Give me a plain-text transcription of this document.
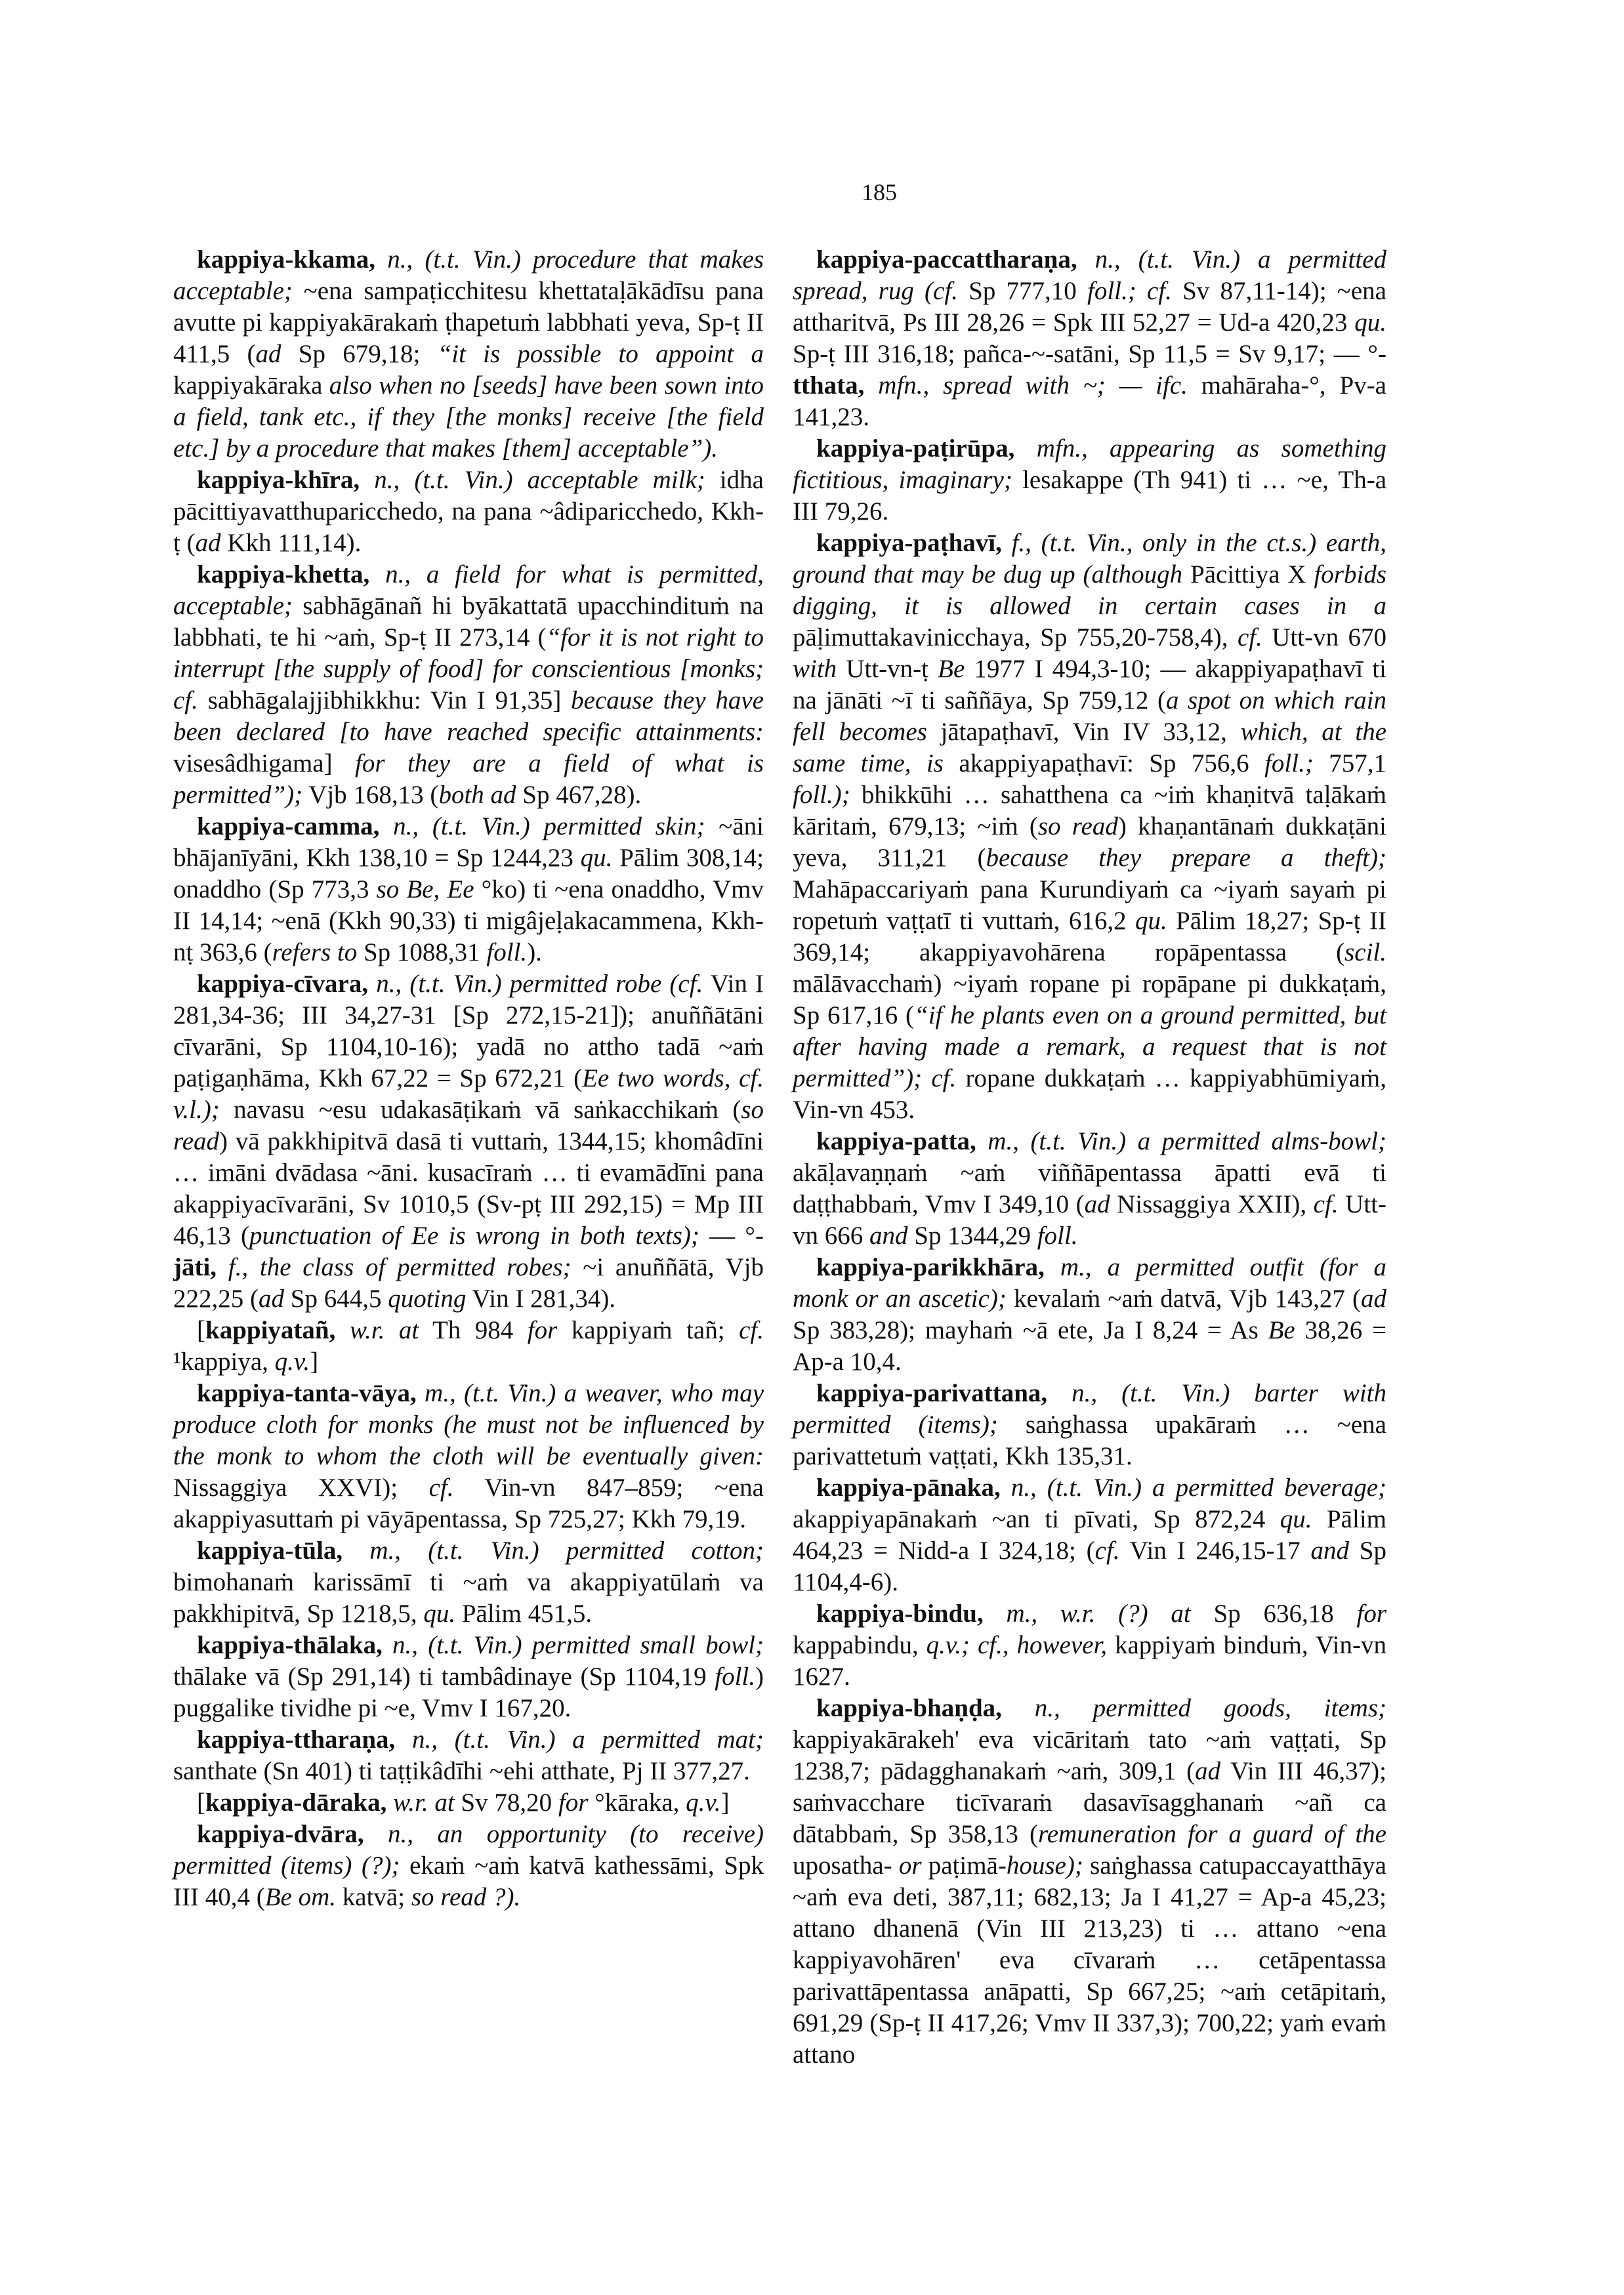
185

kappiya-kkama, n., (t.t. Vin.) procedure that makes acceptable; ~ena sampaṭicchitesu khettataḷākādīsu pana avutte pi kappiyakārakaṁ ṭhapetuṁ labbhati yeva, Sp-ṭ II 411,5 (ad Sp 679,18; “it is possible to appoint a kappiyakāraka also when no [seeds] have been sown into a field, tank etc., if they [the monks] receive [the field etc.] by a procedure that makes [them] acceptable”).

kappiya-khīra, n., (t.t. Vin.) acceptable milk; idha pācittiyavatthuparicchedo, na pana ~âdiparicchedo, Kkh-ṭ (ad Kkh 111,14).

kappiya-khetta, n., a field for what is permitted, acceptable; sabhāgānañ hi byākattatā upacchindituṁ na labbhati, te hi ~aṁ, Sp-ṭ II 273,14 (“for it is not right to interrupt [the supply of food] for conscientious [monks; cf. sabhāgalajjibhikkhu: Vin I 91,35] because they have been declared [to have reached specific attainments: visesâdhigama] for they are a field of what is permitted”); Vjb 168,13 (both ad Sp 467,28).

kappiya-camma, n., (t.t. Vin.) permitted skin; ~āni bhājanīyāni, Kkh 138,10 = Sp 1244,23 qu. Pālim 308,14; onaddho (Sp 773,3 so Be, Ee °ko) ti ~ena onaddho, Vmv II 14,14; ~enā (Kkh 90,33) ti migâjeḷakacammena, Kkh-nṭ 363,6 (refers to Sp 1088,31 foll.).

kappiya-cīvara, n., (t.t. Vin.) permitted robe (cf. Vin I 281,34-36; III 34,27-31 [Sp 272,15-21]); anuññātāni cīvarāni, Sp 1104,10-16); yadā no attho tadā ~aṁ paṭigaṇhāma, Kkh 67,22 = Sp 672,21 (Ee two words, cf. v.l.); navasu ~esu udakasāṭikaṁ vā saṅkacchikaṁ (so read) vā pakkhipitvā dasā ti vuttaṁ, 1344,15; khomâdīni … imāni dvādasa ~āni. kusacīraṁ … ti evamādīni pana akappiyacīvarāni, Sv 1010,5 (Sv-pṭ III 292,15) = Mp III 46,13 (punctuation of Ee is wrong in both texts); — °-jāti, f., the class of permitted robes; ~i anuññātā, Vjb 222,25 (ad Sp 644,5 quoting Vin I 281,34).

[kappiyatañ, w.r. at Th 984 for kappiyaṁ tañ; cf. ¹kappiya, q.v.]

kappiya-tanta-vāya, m., (t.t. Vin.) a weaver, who may produce cloth for monks (he must not be influenced by the monk to whom the cloth will be eventually given: Nissaggiya XXVI); cf. Vin-vn 847–859; ~ena akappiyasuttaṁ pi vāyāpentassa, Sp 725,27; Kkh 79,19.

kappiya-tūla, m., (t.t. Vin.) permitted cotton; bimohanaṁ karissāmī ti ~aṁ va akappiyatūlaṁ va pakkhipitvā, Sp 1218,5, qu. Pālim 451,5.

kappiya-thālaka, n., (t.t. Vin.) permitted small bowl; thālake vā (Sp 291,14) ti tambâdinaye (Sp 1104,19 foll.) puggalike tividhe pi ~e, Vmv I 167,20.

kappiya-ttharaṇa, n., (t.t. Vin.) a permitted mat; santhate (Sn 401) ti taṭṭikâdīhi ~ehi atthate, Pj II 377,27.

[kappiya-dāraka, w.r. at Sv 78,20 for °kāraka, q.v.]

kappiya-dvāra, n., an opportunity (to receive) permitted (items) (?); ekaṁ ~aṁ katvā kathessāmi, Spk III 40,4 (Be om. katvā; so read ?).

kappiya-paccattharaṇa, n., (t.t. Vin.) a permitted spread, rug (cf. Sp 777,10 foll.; cf. Sv 87,11-14); ~ena attharitvā, Ps III 28,26 = Spk III 52,27 = Ud-a 420,23 qu. Sp-ṭ III 316,18; pañca-~-satāni, Sp 11,5 = Sv 9,17; — °-tthata, mfn., spread with ~; — ifc. mahāraha-°, Pv-a 141,23.

kappiya-paṭirūpa, mfn., appearing as something fictitious, imaginary; lesakappe (Th 941) ti … ~e, Th-a III 79,26.

kappiya-paṭhavī, f., (t.t. Vin., only in the ct.s.) earth, ground that may be dug up (although Pācittiya X forbids digging, it is allowed in certain cases in a pāḷimuttakavinicchaya, Sp 755,20-758,4), cf. Utt-vn 670 with Utt-vn-ṭ Be 1977 I 494,3-10; — akappiyapaṭhavī ti na jānāti ~ī ti saññāya, Sp 759,12 (a spot on which rain fell becomes jātapaṭhavī, Vin IV 33,12, which, at the same time, is akappiyapaṭhavī: Sp 756,6 foll.; 757,1 foll.); bhikkūhi … sahatthena ca ~iṁ khaṇitvā taḷākaṁ kāritaṁ, 679,13; ~iṁ (so read) khaṇantānaṁ dukkaṭāni yeva, 311,21 (because they prepare a theft); Mahāpaccariyaṁ pana Kurundiyaṁ ca ~iyaṁ sayaṁ pi ropetuṁ vaṭṭatī ti vuttaṁ, 616,2 qu. Pālim 18,27; Sp-ṭ II 369,14; akappiyavohārena ropāpentassa (scil. mālāvacchaṁ) ~iyaṁ ropane pi ropāpane pi dukkaṭaṁ, Sp 617,16 (“if he plants even on a ground permitted, but after having made a remark, a request that is not permitted”); cf. ropane dukkaṭaṁ … kappiyabhūmiyaṁ, Vin-vn 453.

kappiya-patta, m., (t.t. Vin.) a permitted alms-bowl; akāḷavaṇṇaṁ ~aṁ viññāpentassa āpatti evā ti daṭṭhabbaṁ, Vmv I 349,10 (ad Nissaggiya XXII), cf. Utt-vn 666 and Sp 1344,29 foll.

kappiya-parikkhāra, m., a permitted outfit (for a monk or an ascetic); kevalaṁ ~aṁ datvā, Vjb 143,27 (ad Sp 383,28); mayhaṁ ~ā ete, Ja I 8,24 = As Be 38,26 = Ap-a 10,4.

kappiya-parivattana, n., (t.t. Vin.) barter with permitted (items); saṅghassa upakāraṁ … ~ena parivattetuṁ vaṭṭati, Kkh 135,31.

kappiya-pānaka, n., (t.t. Vin.) a permitted beverage; akappiyapānakaṁ ~an ti pīvati, Sp 872,24 qu. Pālim 464,23 = Nidd-a I 324,18; (cf. Vin I 246,15-17 and Sp 1104,4-6).

kappiya-bindu, m., w.r. (?) at Sp 636,18 for kappabindu, q.v.; cf., however, kappiyaṁ binduṁ, Vin-vn 1627.

kappiya-bhaṇḍa, n., permitted goods, items; kappiyakārakeh' eva vicāritaṁ tato ~aṁ vaṭṭati, Sp 1238,7; pādagghanakaṁ ~aṁ, 309,1 (ad Vin III 46,37); saṁvacchare ticīvaraṁ dasavīsagghanaṁ ~añ ca dātabbaṁ, Sp 358,13 (remuneration for a guard of the uposatha- or paṭimā-house); saṅghassa catupaccayatthāya ~aṁ eva deti, 387,11; 682,13; Ja I 41,27 = Ap-a 45,23; attano dhanenā (Vin III 213,23) ti … attano ~ena kappiyavohāren' eva cīvaraṁ … cetāpentassa parivattāpentassa anāpatti, Sp 667,25; ~aṁ cetāpitaṁ, 691,29 (Sp-ṭ II 417,26; Vmv II 337,3); 700,22; yaṁ evaṁ attano
